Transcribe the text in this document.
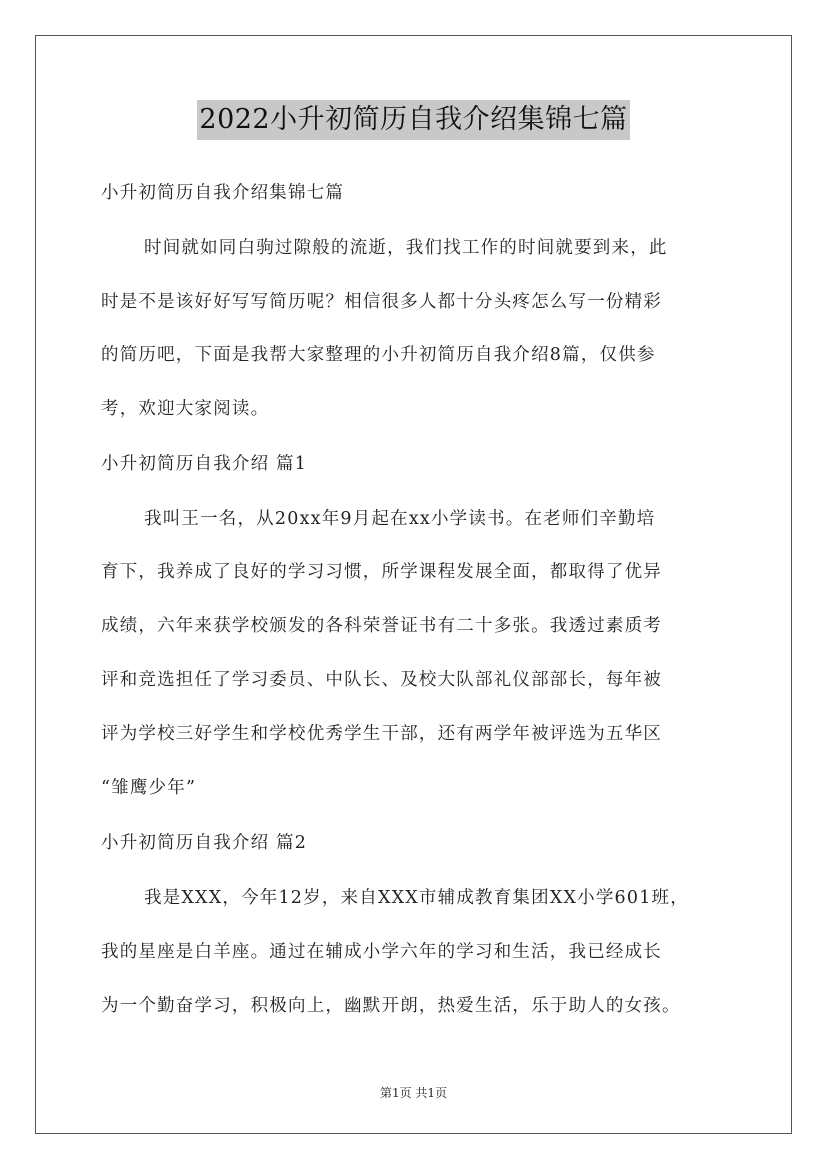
2022小升初简历自我介绍集锦七篇
小升初简历自我介绍集锦七篇
时间就如同白驹过隙般的流逝，我们找工作的时间就要到来，此
时是不是该好好写写简历呢？相信很多人都十分头疼怎么写一份精彩
的简历吧，下面是我帮大家整理的小升初简历自我介绍8篇，仅供参
考，欢迎大家阅读。
小升初简历自我介绍 篇1
我叫王一名，从20xx年9月起在xx小学读书。在老师们辛勤培
育下，我养成了良好的学习习惯，所学课程发展全面，都取得了优异
成绩，六年来获学校颁发的各科荣誉证书有二十多张。我透过素质考
评和竞选担任了学习委员、中队长、及校大队部礼仪部部长，每年被
评为学校三好学生和学校优秀学生干部，还有两学年被评选为五华区
“雏鹰少年”
小升初简历自我介绍 篇2
我是XXX，今年12岁，来自XXX市辅成教育集团XX小学601班，
我的星座是白羊座。通过在辅成小学六年的学习和生活，我已经成长
为一个勤奋学习，积极向上，幽默开朗，热爱生活，乐于助人的女孩。
第1页 共1页
